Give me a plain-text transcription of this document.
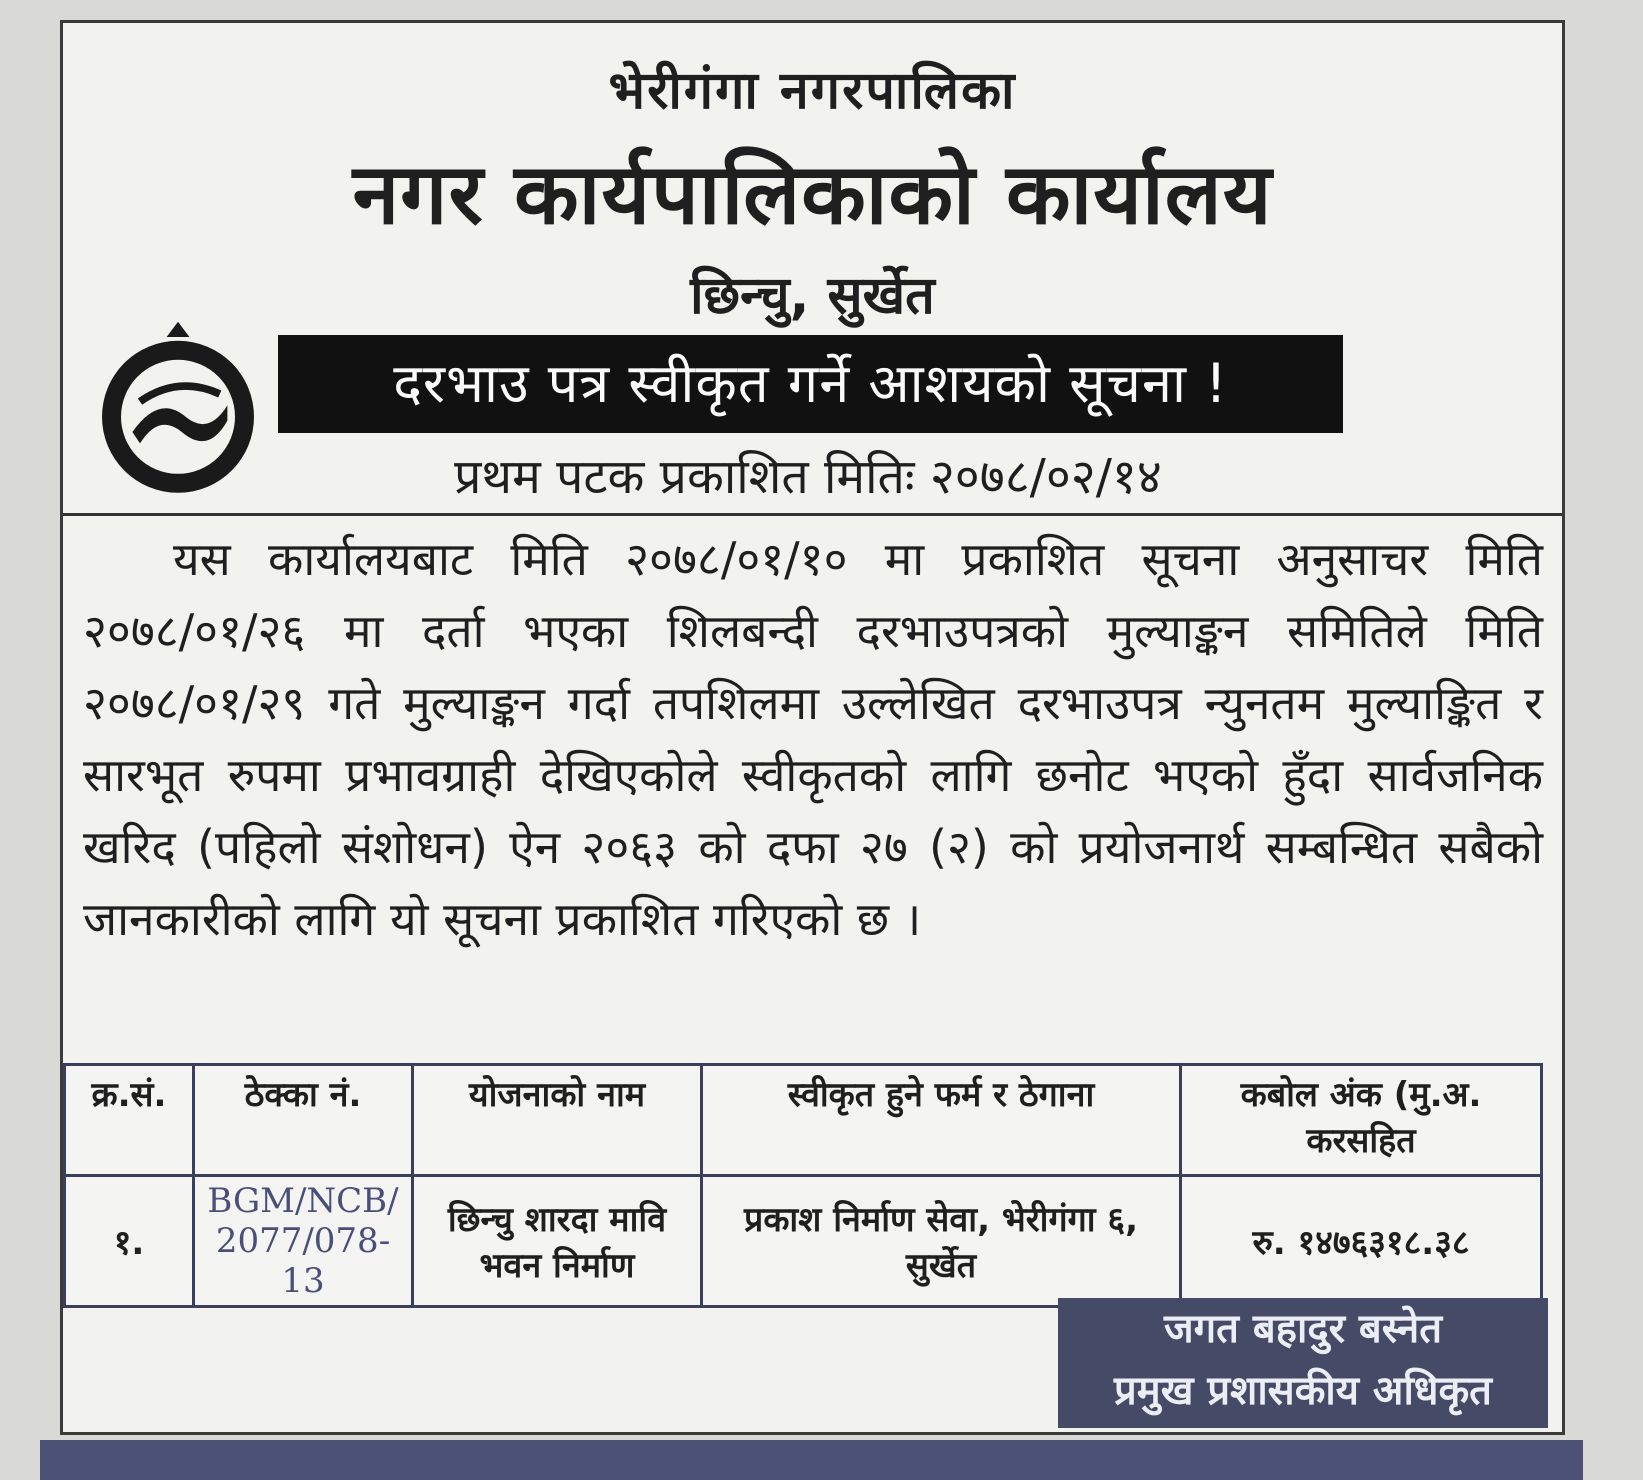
भेरीगंगा नगरपालिका
नगर कार्यपालिकाको कार्यालय
छिन्चु, सुर्खेत
दरभाउ पत्र स्वीकृत गर्ने आशयको सूचना !
प्रथम पटक प्रकाशित मितिः २०७८/०२/१४
यस कार्यालयबाट मिति २०७८/०१/१० मा प्रकाशित सूचना अनुसाचर मिति २०७८/०१/२६ मा दर्ता भएका शिलबन्दी दरभाउपत्रको मुल्याङ्कन समितिले मिति २०७८/०१/२९ गते मुल्याङ्कन गर्दा तपशिलमा उल्लेखित दरभाउपत्र न्युनतम मुल्याङ्कित र सारभूत रुपमा प्रभावग्राही देखिएकोले स्वीकृतको लागि छनोट भएको हुँदा सार्वजनिक खरिद (पहिलो संशोधन) ऐन २०६३ को दफा २७ (२) को प्रयोजनार्थ सम्बन्धित सबैको जानकारीको लागि यो सूचना प्रकाशित गरिएको छ ।
क्र.सं.	ठेक्का नं.	योजनाको नाम	स्वीकृत हुने फर्म र ठेगाना	कबोल अंक (मु.अ. करसहित
१.	BGM/NCB/ 2077/078-13	छिन्चु शारदा मावि भवन निर्माण	प्रकाश निर्माण सेवा, भेरीगंगा ६, सुर्खेत	रु. १४७६३१८.३८
जगत बहादुर बस्नेत
प्रमुख प्रशासकीय अधिकृत
